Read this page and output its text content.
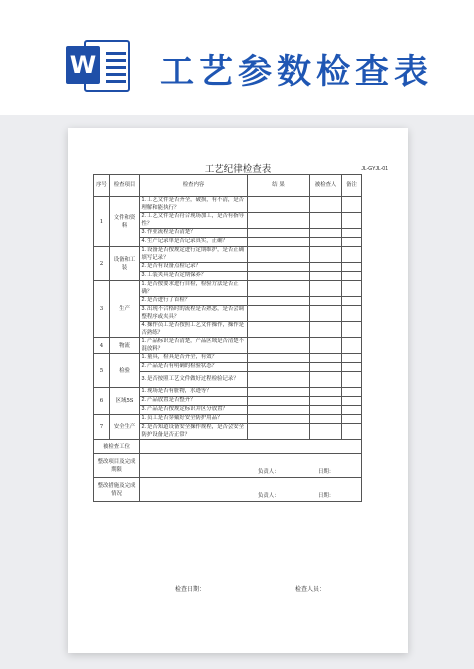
W 工艺参数检查表
工艺纪律检查表	JL-GYJL-01
序号	检查项目	检查内容	结 果	被检查人	备注
1	文件和资料	1.工艺文件是否齐全，破损，有不清，是否理解和能执行？			
		2.工艺文件是否符合现场加工，是否有指导性？			
		3.作业流程是否清楚？			
		4.生产记录单是否记录真实，正确？			
2	设备和工装	1.设备是否按规定进行定期维护，是否正确填写记录？			
		2.是否有设备点检记录？			
		3.工装夹具是否定期保养？			
3	生产	1.是否按要求进行自检，检验方法是否正确？			
		2.是否进行了首检？			
		3.出现不合格时的流程是否熟悉，是否会调整程序或夹具？			
		4.操作员工是否按照工艺文件操作，操作是否熟练？			
4	物流	1.产品标识是否清楚，产品区域是否清楚不混放料？			
5	检验	1.量具，检具是否齐全，有效？			
		2.产品是否有明确的检验状态？			
		3.是否按照工艺文件做好过程检验记录？			
6	区域5S	1.现场是否有脏物，水迹等？			
		2.产品放置是否整齐？			
		3.产品是否按规定标识并区分放置？			
7	安全生产	1.员工是否穿戴好安全防护用品？			
		2.是否知道设备安全操作规程，是否会安全防护设备是否正常？			
被检查工位					
整改项目及完成期限		负责人： 日期：			

整改措施及完成情况		负责人： 日期：			
检查日期：	检查人员：
